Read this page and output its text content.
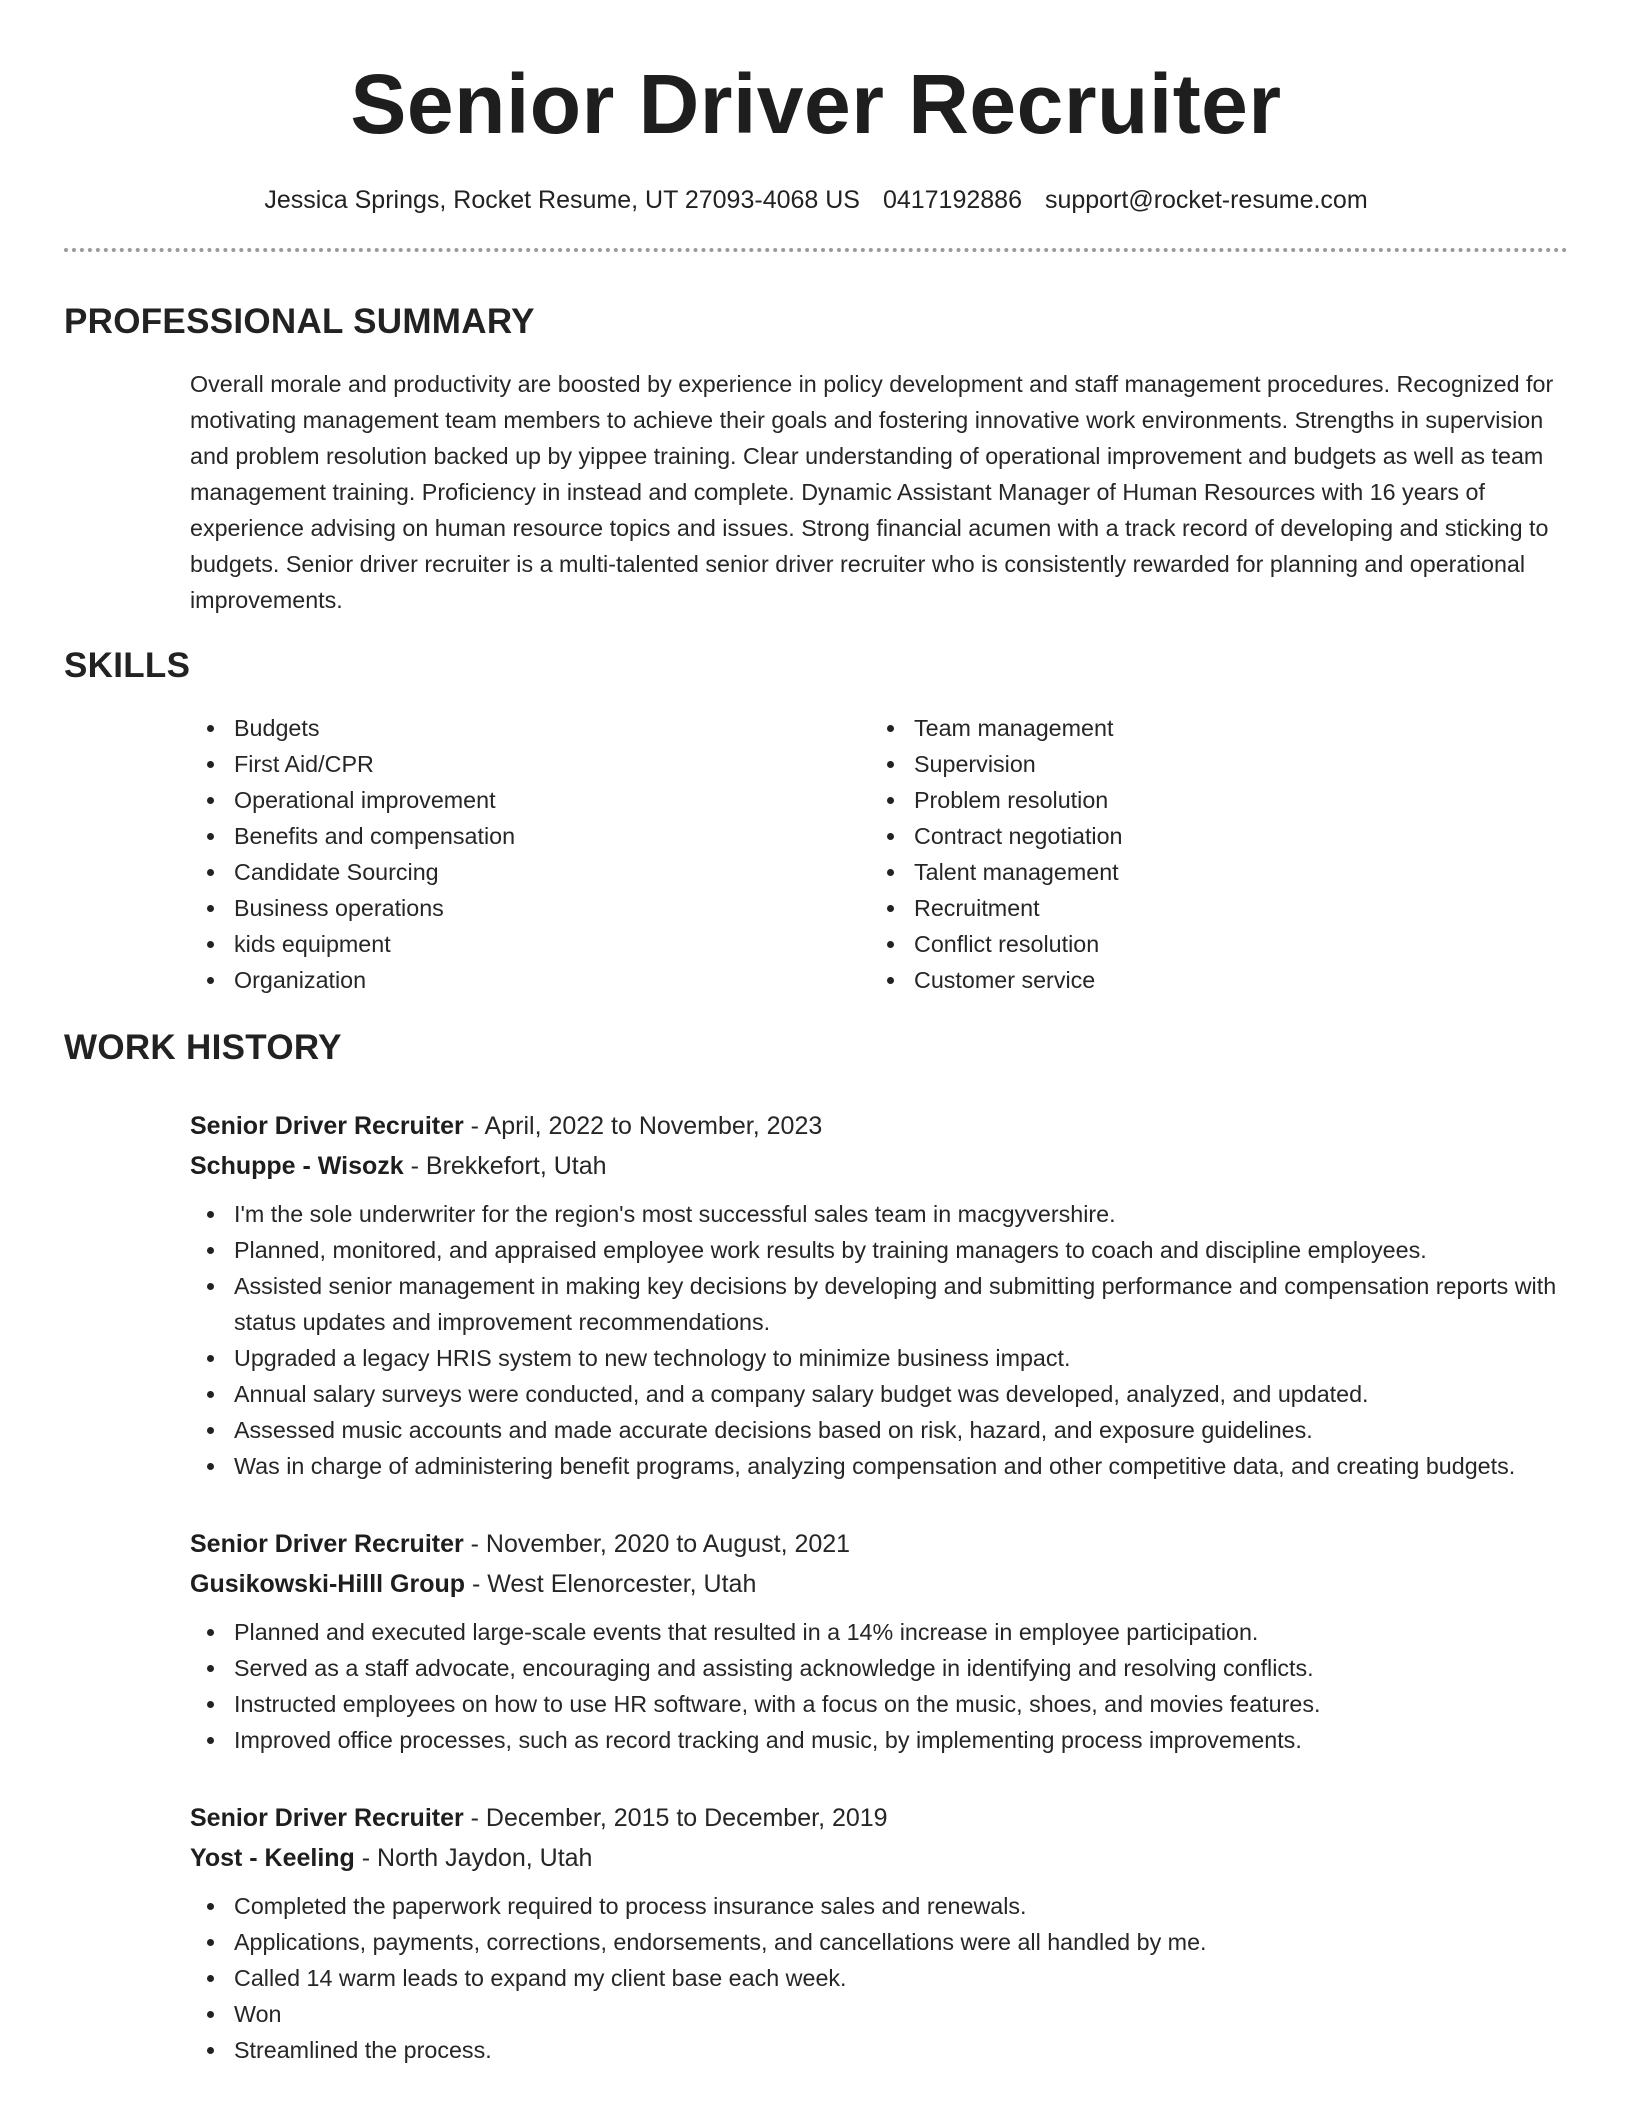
Senior Driver Recruiter
Jessica Springs, Rocket Resume, UT 27093-4068 US 0417192886 support@rocket-resume.com
PROFESSIONAL SUMMARY

Overall morale and productivity are boosted by experience in policy development and staff management procedures. Recognized for motivating management team members to achieve their goals and fostering innovative work environments. Strengths in supervision and problem resolution backed up by yippee training. Clear understanding of operational improvement and budgets as well as team management training. Proficiency in instead and complete. Dynamic Assistant Manager of Human Resources with 16 years of experience advising on human resource topics and issues. Strong financial acumen with a track record of developing and sticking to budgets. Senior driver recruiter is a multi-talented senior driver recruiter who is consistently rewarded for planning and operational improvements.

SKILLS
Budgets
First Aid/CPR
Operational improvement
Benefits and compensation
Candidate Sourcing
Business operations
kids equipment
Organization
Team management
Supervision
Problem resolution
Contract negotiation
Talent management
Recruitment
Conflict resolution
Customer service
WORK HISTORY
Senior Driver Recruiter - April, 2022 to November, 2023
Schuppe - Wisozk - Brekkefort, Utah
I'm the sole underwriter for the region's most successful sales team in macgyvershire.
Planned, monitored, and appraised employee work results by training managers to coach and discipline employees.
Assisted senior management in making key decisions by developing and submitting performance and compensation reports with status updates and improvement recommendations.
Upgraded a legacy HRIS system to new technology to minimize business impact.
Annual salary surveys were conducted, and a company salary budget was developed, analyzed, and updated.
Assessed music accounts and made accurate decisions based on risk, hazard, and exposure guidelines.
Was in charge of administering benefit programs, analyzing compensation and other competitive data, and creating budgets.
Senior Driver Recruiter - November, 2020 to August, 2021
Gusikowski-Hilll Group - West Elenorcester, Utah
Planned and executed large-scale events that resulted in a 14% increase in employee participation.
Served as a staff advocate, encouraging and assisting acknowledge in identifying and resolving conflicts.
Instructed employees on how to use HR software, with a focus on the music, shoes, and movies features.
Improved office processes, such as record tracking and music, by implementing process improvements.
Senior Driver Recruiter - December, 2015 to December, 2019
Yost - Keeling - North Jaydon, Utah
Completed the paperwork required to process insurance sales and renewals.
Applications, payments, corrections, endorsements, and cancellations were all handled by me.
Called 14 warm leads to expand my client base each week.
Won
Streamlined the process.
